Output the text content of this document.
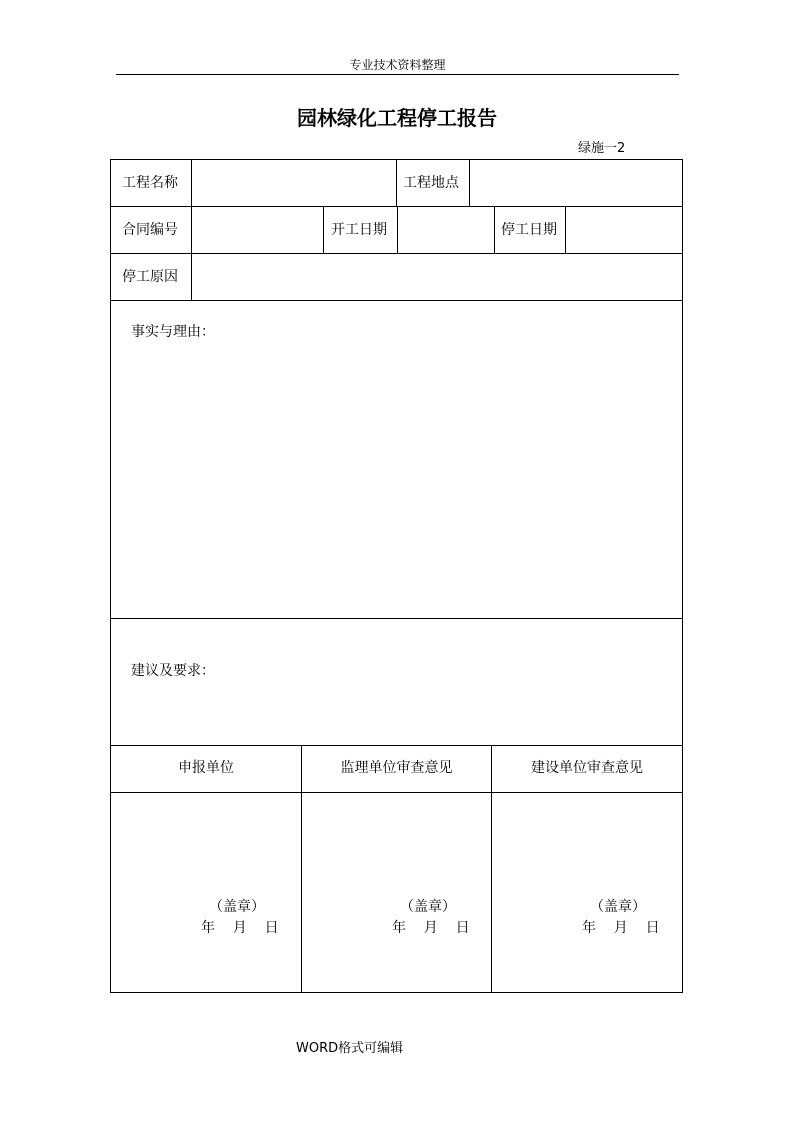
专业技术资料整理
园林绿化工程停工报告
绿施一2
工程名称	工程地点
合同编号	开工日期	停工日期
停工原因
事实与理由：
建议及要求：
申报单位	监理单位审查意见	建设单位审查意见
（盖章）
年    月    日
（盖章）
年    月    日
（盖章）
年    月    日
WORD格式可编辑
